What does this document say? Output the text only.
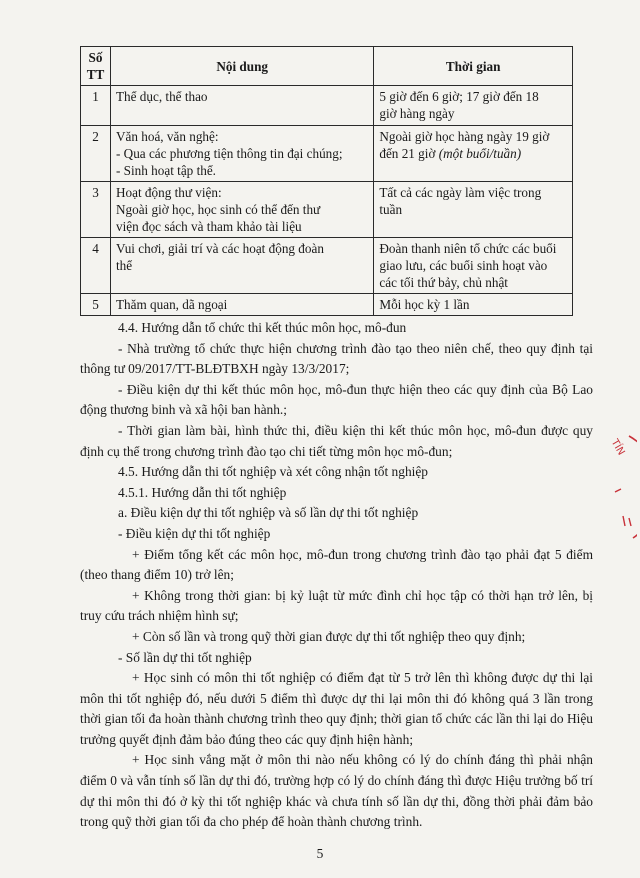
Số TT	Nội dung	Thời gian
1	Thể dục, thể thao	5 giờ đến 6 giờ; 17 giờ đến 18
giờ hàng ngày

2	Văn hoá, văn nghệ:
- Qua các phương tiện thông tin đại chúng;
- Sinh hoạt tập thể.	Ngoài giờ học hàng ngày 19 giờ
đến 21 giờ (một buổi/tuần)
3	Hoạt động thư viện:
Ngoài giờ học, học sinh có thể đến thư
viện đọc sách và tham khảo tài liệu	Tất cả các ngày làm việc trong
tuần

4	Vui chơi, giải trí và các hoạt động đoàn
thể	Đoàn thanh niên tổ chức các buổi
giao lưu, các buổi sinh hoạt vào
các tối thứ bảy, chủ nhật

5	Thăm quan, dã ngoại	Mỗi học kỳ 1 lần

4.4. Hướng dẫn tổ chức thi kết thúc môn học, mô-đun

- Nhà trường tổ chức thực hiện chương trình đào tạo theo niên chế, theo quy định tại thông tư 09/2017/TT-BLĐTBXH ngày 13/3/2017;

- Điều kiện dự thi kết thúc môn học, mô-đun thực hiện theo các quy định của Bộ Lao động thương binh và xã hội ban hành.;

- Thời gian làm bài, hình thức thi, điều kiện thi kết thúc môn học, mô-đun được quy định cụ thể trong chương trình đào tạo chi tiết từng môn học mô-đun;

4.5. Hướng dẫn thi tốt nghiệp và xét công nhận tốt nghiệp

4.5.1. Hướng dẫn thi tốt nghiệp

a. Điều kiện dự thi tốt nghiệp và số lần dự thi tốt nghiệp

- Điều kiện dự thi tốt nghiệp

+ Điểm tổng kết các môn học, mô-đun trong chương trình đào tạo phải đạt 5 điểm (theo thang điểm 10) trở lên;

+ Không trong thời gian: bị kỷ luật từ mức đình chỉ học tập có thời hạn trở lên, bị truy cứu trách nhiệm hình sự;

+ Còn số lần và trong quỹ thời gian được dự thi tốt nghiệp theo quy định;

- Số lần dự thi tốt nghiệp

+ Học sinh có môn thi tốt nghiệp có điểm đạt từ 5 trở lên thì không được dự thi lại môn thi tốt nghiệp đó, nếu dưới 5 điểm thì được dự thi lại môn thi đó không quá 3 lần trong thời gian tối đa hoàn thành chương trình theo quy định; thời gian tổ chức các lần thi lại do Hiệu trưởng quyết định đảm bảo đúng theo các quy định hiện hành;

+ Học sinh vắng mặt ở môn thi nào nếu không có lý do chính đáng thì phải nhận điểm 0 và vẫn tính số lần dự thi đó, trường hợp có lý do chính đáng thì được Hiệu trưởng bố trí dự thi môn thi đó ở kỳ thi tốt nghiệp khác và chưa tính số lần dự thi, đồng thời phải đảm bảo trong quỹ thời gian tối đa cho phép để hoàn thành chương trình.

TÍN
5
